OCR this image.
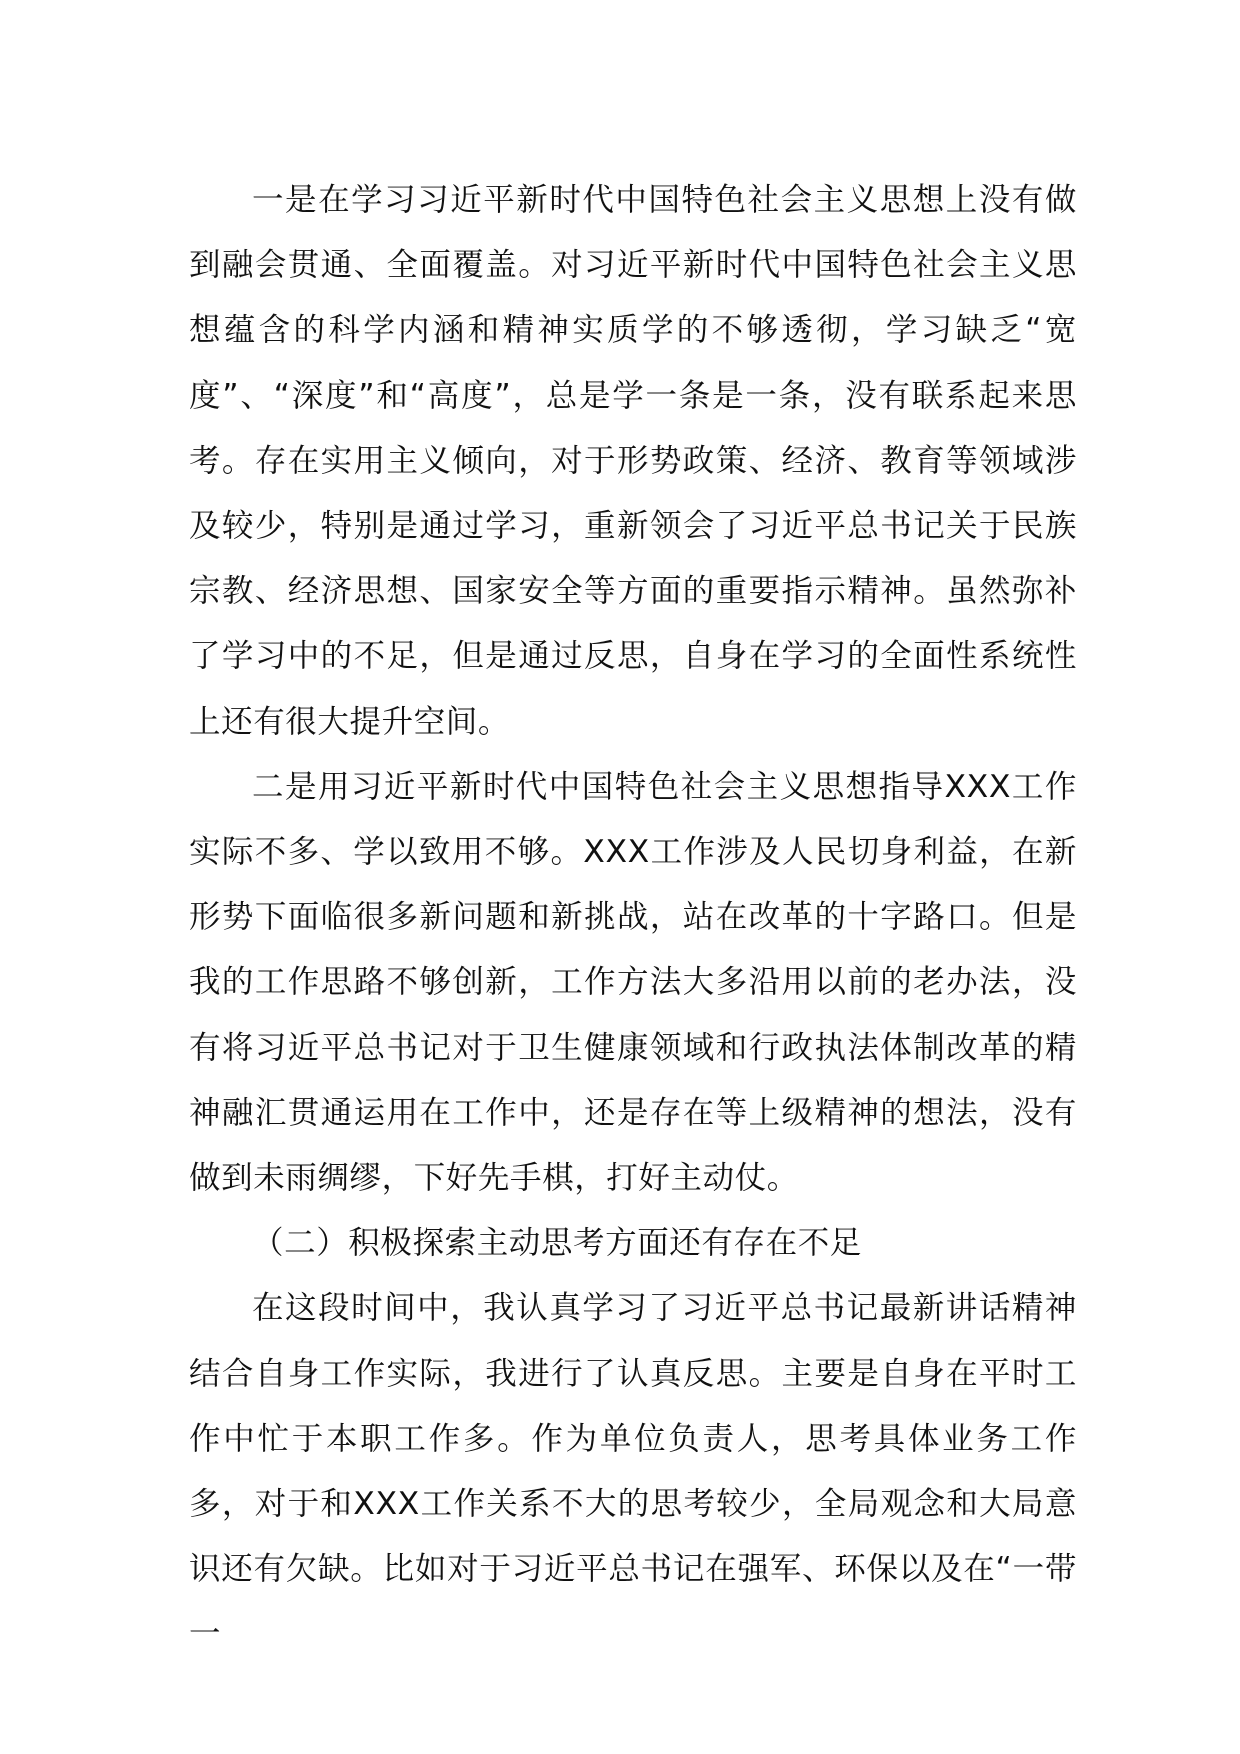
一是在学习习近平新时代中国特色社会主义思想上没有做到融会贯通、全面覆盖。对习近平新时代中国特色社会主义思想蕴含的科学内涵和精神实质学的不够透彻，学习缺乏“宽度”、“深度”和“高度”，总是学一条是一条，没有联系起来思考。存在实用主义倾向，对于形势政策、经济、教育等领域涉及较少，特别是通过学习，重新领会了习近平总书记关于民族宗教、经济思想、国家安全等方面的重要指示精神。虽然弥补了学习中的不足，但是通过反思，自身在学习的全面性系统性上还有很大提升空间。

二是用习近平新时代中国特色社会主义思想指导XXX工作实际不多、学以致用不够。XXX工作涉及人民切身利益，在新形势下面临很多新问题和新挑战，站在改革的十字路口。但是我的工作思路不够创新，工作方法大多沿用以前的老办法，没有将习近平总书记对于卫生健康领域和行政执法体制改革的精神融汇贯通运用在工作中，还是存在等上级精神的想法，没有做到未雨绸缪，下好先手棋，打好主动仗。

（二）积极探索主动思考方面还有存在不足

在这段时间中，我认真学习了习近平总书记最新讲话精神结合自身工作实际，我进行了认真反思。主要是自身在平时工作中忙于本职工作多。作为单位负责人，思考具体业务工作多，对于和XXX工作关系不大的思考较少，全局观念和大局意识还有欠缺。比如对于习近平总书记在强军、环保以及在“一带一
